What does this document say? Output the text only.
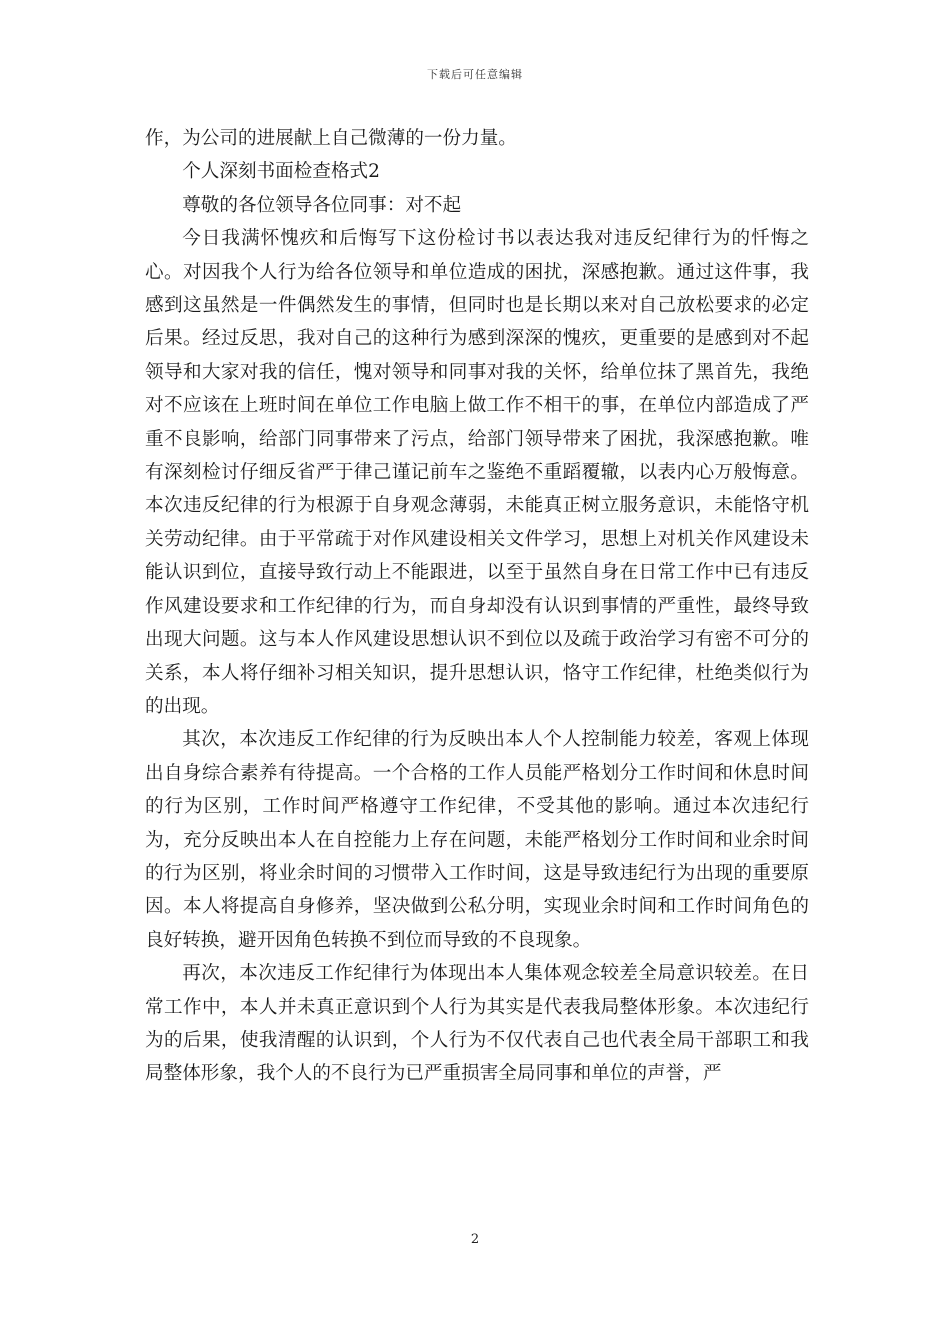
下载后可任意编辑

作，为公司的进展献上自己微薄的一份力量。

个人深刻书面检查格式2

尊敬的各位领导各位同事：对不起

今日我满怀愧疚和后悔写下这份检讨书以表达我对违反纪律行为的忏悔之心。对因我个人行为给各位领导和单位造成的困扰，深感抱歉。通过这件事，我感到这虽然是一件偶然发生的事情，但同时也是长期以来对自己放松要求的必定后果。经过反思，我对自己的这种行为感到深深的愧疚，更重要的是感到对不起领导和大家对我的信任，愧对领导和同事对我的关怀，给单位抹了黑首先，我绝对不应该在上班时间在单位工作电脑上做工作不相干的事，在单位内部造成了严重不良影响，给部门同事带来了污点，给部门领导带来了困扰，我深感抱歉。唯有深刻检讨仔细反省严于律己谨记前车之鉴绝不重蹈覆辙，以表内心万般悔意。本次违反纪律的行为根源于自身观念薄弱，未能真正树立服务意识，未能恪守机关劳动纪律。由于平常疏于对作风建设相关文件学习，思想上对机关作风建设未能认识到位，直接导致行动上不能跟进，以至于虽然自身在日常工作中已有违反作风建设要求和工作纪律的行为，而自身却没有认识到事情的严重性，最终导致出现大问题。这与本人作风建设思想认识不到位以及疏于政治学习有密不可分的关系，本人将仔细补习相关知识，提升思想认识，恪守工作纪律，杜绝类似行为的出现。

其次，本次违反工作纪律的行为反映出本人个人控制能力较差，客观上体现出自身综合素养有待提高。一个合格的工作人员能严格划分工作时间和休息时间的行为区别，工作时间严格遵守工作纪律，不受其他的影响。通过本次违纪行为，充分反映出本人在自控能力上存在问题，未能严格划分工作时间和业余时间的行为区别，将业余时间的习惯带入工作时间，这是导致违纪行为出现的重要原因。本人将提高自身修养，坚决做到公私分明，实现业余时间和工作时间角色的良好转换，避开因角色转换不到位而导致的不良现象。

再次，本次违反工作纪律行为体现出本人集体观念较差全局意识较差。在日常工作中，本人并未真正意识到个人行为其实是代表我局整体形象。本次违纪行为的后果，使我清醒的认识到，个人行为不仅代表自己也代表全局干部职工和我局整体形象，我个人的不良行为已严重损害全局同事和单位的声誉，严

2
